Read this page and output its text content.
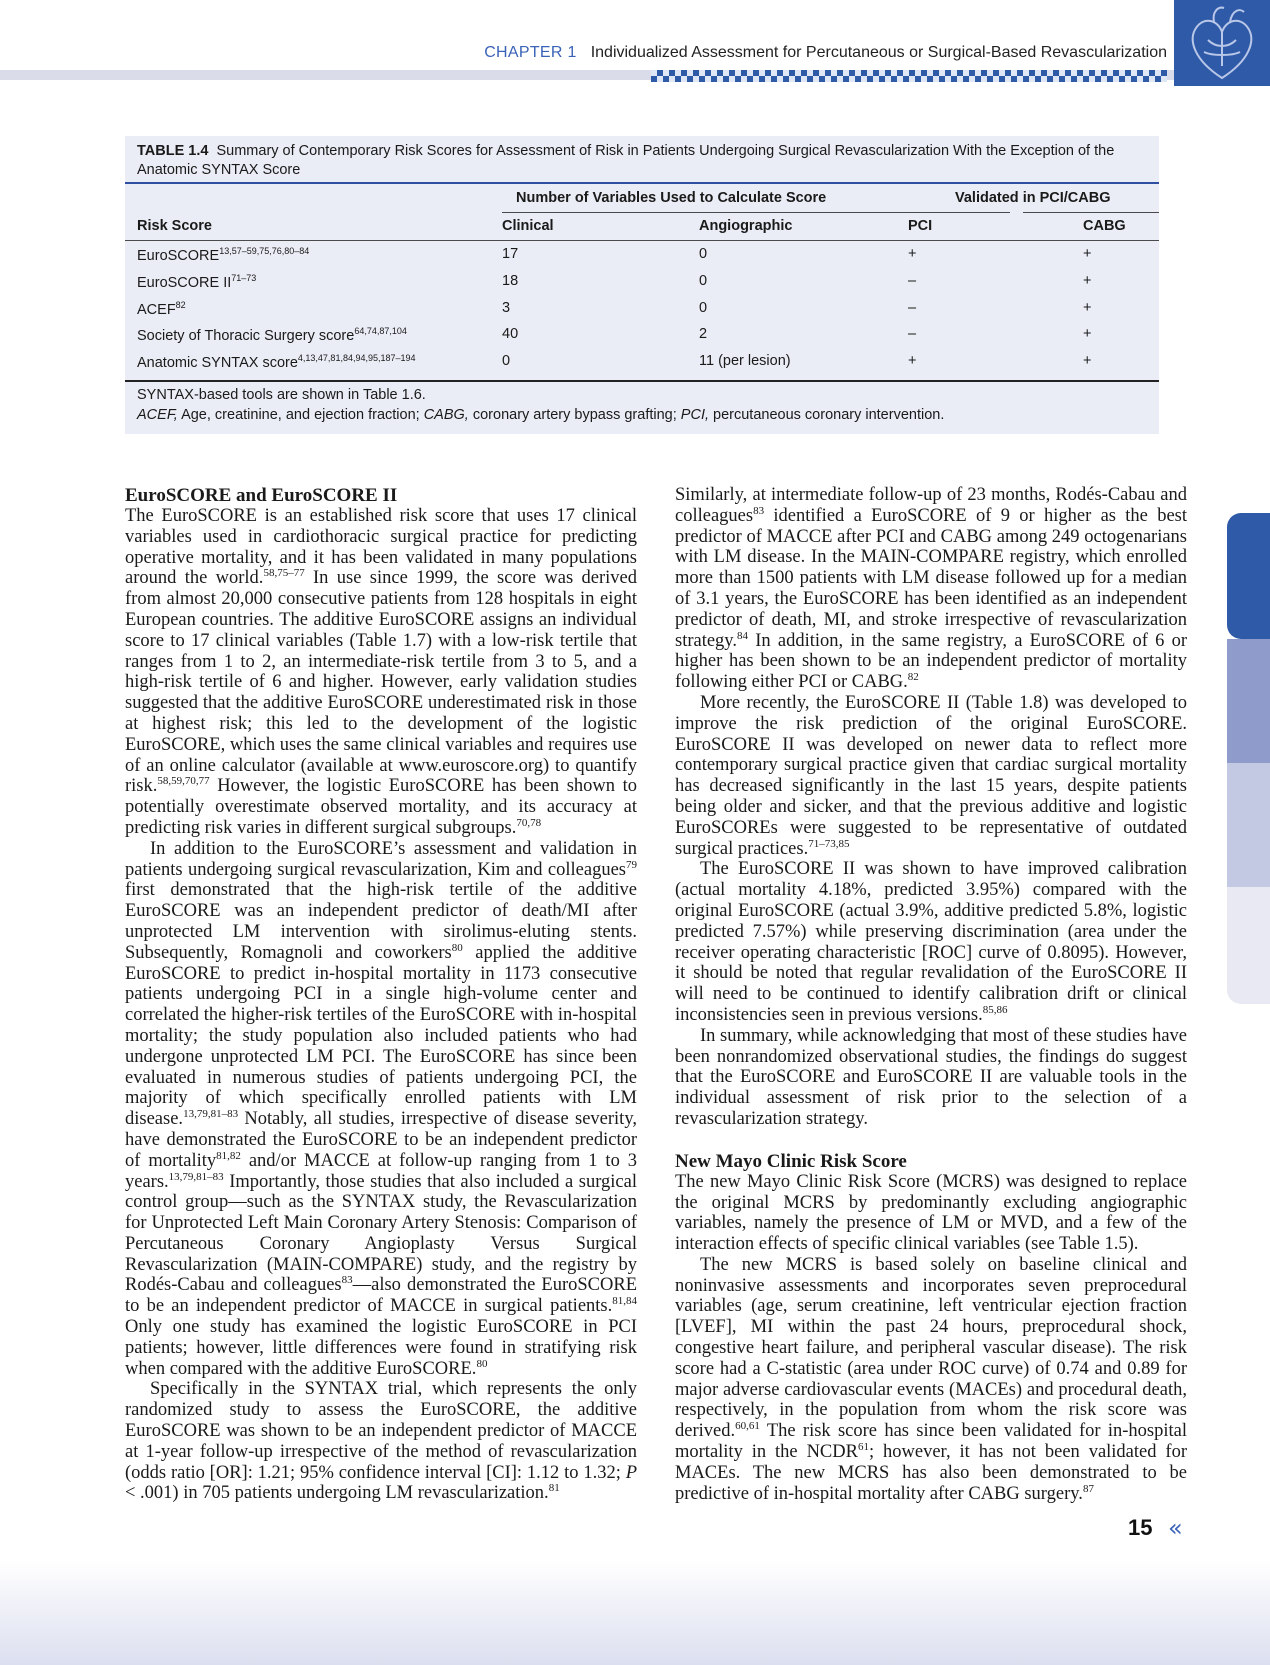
CHAPTER 1 Individualized Assessment for Percutaneous or Surgical-Based Revascularization
TABLE 1.4 Summary of Contemporary Risk Scores for Assessment of Risk in Patients Undergoing Surgical Revascularization With the Exception of the Anatomic SYNTAX Score
Number of Variables Used to Calculate Score	Validated in PCI/CABG
Risk Score	Clinical	Angiographic	PCI	CABG
EuroSCORE$^{13,57-59,75,76,80-84}$	17	0	+	+
EuroSCORE II$^{71-73}$	18	0	–	+
$ACEF^{82}$	3	0	–	+
Society of Thoracic Surgery score$^{64,74,87,104}$	40	2	–	+
Anatomic SYNTAX score$^{4,13,47,81,84,94,95,187-194}$	0	11 (per lesion)	+	+
SYNTAX-based tools are shown in Table 1.6.
ACEF, Age, creatinine, and ejection fraction; CABG, coronary artery bypass grafting; PCI, percutaneous coronary intervention.
EuroSCORE and EuroSCORE II

The EuroSCORE is an established risk score that uses 17 clinical variables used in cardiothoracic surgical practice for predicting operative mortality, and it has been validated in many populations around the world.$^{58,75-77}$ In use since 1999, the score was derived from almost 20,000 consecutive patients from 128 hospitals in eight European countries. The additive EuroSCORE assigns an individual score to 17 clinical variables (Table 1.7) with a low-risk tertile that ranges from 1 to 2, an intermediate-risk tertile from 3 to 5, and a high-risk tertile of 6 and higher. However, early validation studies suggested that the additive EuroSCORE underestimated risk in those at highest risk; this led to the development of the logistic EuroSCORE, which uses the same clinical variables and requires use of an online calculator (available at www.euroscore.org) to quantify risk.$^{58,59,70,77}$ However, the logistic EuroSCORE has been shown to potentially overestimate observed mortality, and its accuracy at predicting risk varies in different surgical subgroups.$^{70,78}$

In addition to the EuroSCORE’s assessment and validation in patients undergoing surgical revascularization, Kim and colleagues$^{79}$ first demonstrated that the high-risk tertile of the additive EuroSCORE was an independent predictor of death/MI after unprotected LM intervention with sirolimus-eluting stents. Subsequently, Romagnoli and coworkers$^{80}$ applied the additive EuroSCORE to predict in-hospital mortality in 1173 consecutive patients undergoing PCI in a single high-volume center and correlated the higher-risk tertiles of the EuroSCORE with in-hospital mortality; the study population also included patients who had undergone unprotected LM PCI. The EuroSCORE has since been evaluated in numerous studies of patients undergoing PCI, the majority of which specifically enrolled patients with LM disease.$^{13,79,81-83}$ Notably, all studies, irrespective of disease severity, have demonstrated the EuroSCORE to be an independent predictor of mortality$^{81,82}$ and/or MACCE at follow-up ranging from 1 to 3 years.$^{13,79,81-83}$ Importantly, those studies that also included a surgical control group—such as the SYNTAX study, the Revascularization for Unprotected Left Main Coronary Artery Stenosis: Comparison of Percutaneous Coronary Angioplasty Versus Surgical Revascularization (MAIN-COMPARE) study, and the registry by Rodés-Cabau and colleagues$^{83}$—also demonstrated the EuroSCORE to be an independent predictor of MACCE in surgical patients.$^{81,84}$ Only one study has examined the logistic EuroSCORE in PCI patients; however, little differences were found in stratifying risk when compared with the additive EuroSCORE.$^{80}$

Specifically in the SYNTAX trial, which represents the only randomized study to assess the EuroSCORE, the additive EuroSCORE was shown to be an independent predictor of MACCE at 1-year follow-up irrespective of the method of revascularization (odds ratio [OR]: 1.21; 95% confidence interval [CI]: 1.12 to 1.32; P < .001) in 705 patients undergoing LM revascularization.$^{81}$

Similarly, at intermediate follow-up of 23 months, Rodés-Cabau and colleagues$^{83}$ identified a EuroSCORE of 9 or higher as the best predictor of MACCE after PCI and CABG among 249 octogenarians with LM disease. In the MAIN-COMPARE registry, which enrolled more than 1500 patients with LM disease followed up for a median of 3.1 years, the EuroSCORE has been identified as an independent predictor of death, MI, and stroke irrespective of revascularization strategy.$^{84}$ In addition, in the same registry, a EuroSCORE of 6 or higher has been shown to be an independent predictor of mortality following either PCI or CABG.$^{82}$

More recently, the EuroSCORE II (Table 1.8) was developed to improve the risk prediction of the original EuroSCORE. EuroSCORE II was developed on newer data to reflect more contemporary surgical practice given that cardiac surgical mortality has decreased significantly in the last 15 years, despite patients being older and sicker, and that the previous additive and logistic EuroSCOREs were suggested to be representative of outdated surgical practices.$^{71-73,85}$

The EuroSCORE II was shown to have improved calibration (actual mortality 4.18%, predicted 3.95%) compared with the original EuroSCORE (actual 3.9%, additive predicted 5.8%, logistic predicted 7.57%) while preserving discrimination (area under the receiver operating characteristic [ROC] curve of 0.8095). However, it should be noted that regular revalidation of the EuroSCORE II will need to be continued to identify calibration drift or clinical inconsistencies seen in previous versions.$^{85,86}$

In summary, while acknowledging that most of these studies have been nonrandomized observational studies, the findings do suggest that the EuroSCORE and EuroSCORE II are valuable tools in the individual assessment of risk prior to the selection of a revascularization strategy.

New Mayo Clinic Risk Score

The new Mayo Clinic Risk Score (MCRS) was designed to replace the original MCRS by predominantly excluding angiographic variables, namely the presence of LM or MVD, and a few of the interaction effects of specific clinical variables (see Table 1.5).

The new MCRS is based solely on baseline clinical and noninvasive assessments and incorporates seven preprocedural variables (age, serum creatinine, left ventricular ejection fraction [LVEF], MI within the past 24 hours, preprocedural shock, congestive heart failure, and peripheral vascular disease). The risk score had a C-statistic (area under ROC curve) of 0.74 and 0.89 for major adverse cardiovascular events (MACEs) and procedural death, respectively, in the population from whom the risk score was derived.$^{60,61}$ The risk score has since been validated for in-hospital mortality in the NCDR$^{61}$; however, it has not been validated for MACEs. The new MCRS has also been demonstrated to be predictive of in-hospital mortality after CABG surgery.$^{87}$

15 «
